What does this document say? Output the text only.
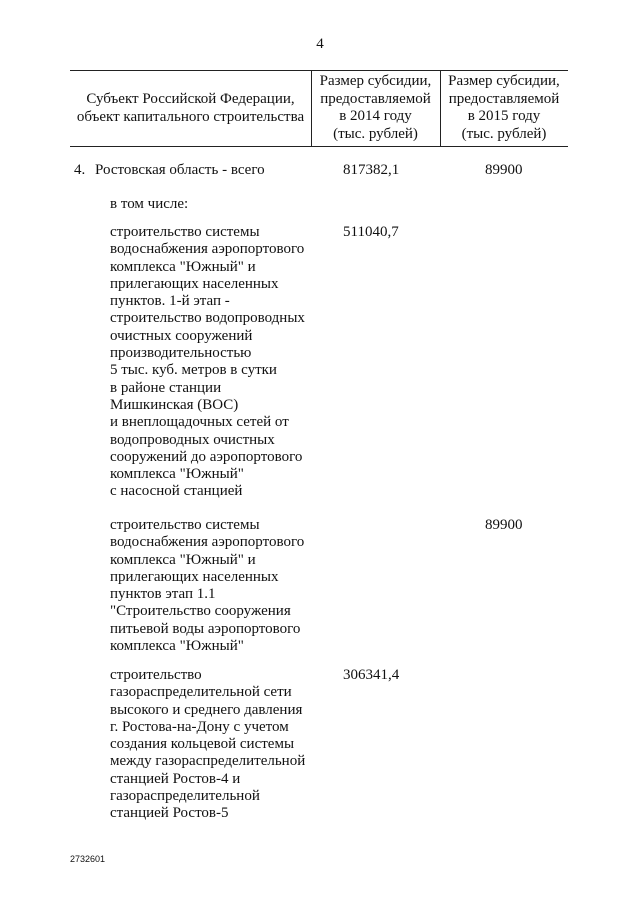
4
Субъект Российской Федерации,
объект капитального строительства
Размер субсидии,
предоставляемой
в 2014 году
(тыс. рублей)
Размер субсидии,
предоставляемой
в 2015 году
(тыс. рублей)
4. Ростовская область - всего	817382,1	89900
в том числе:
строительство системы
водоснабжения аэропортового
комплекса "Южный" и
прилегающих населенных
пунктов. 1-й этап -
строительство водопроводных
очистных сооружений
производительностью
5 тыс. куб. метров в сутки
в районе станции
Мишкинская (ВОС)
и внеплощадочных сетей от
водопроводных очистных
сооружений до аэропортового
комплекса "Южный"
с насосной станцией
511040,7
строительство системы
водоснабжения аэропортового
комплекса "Южный" и
прилегающих населенных
пунктов этап 1.1
"Строительство сооружения
питьевой воды аэропортового
комплекса "Южный"
89900
строительство
газораспределительной сети
высокого и среднего давления
г. Ростова-на-Дону с учетом
создания кольцевой системы
между газораспределительной
станцией Ростов-4 и
газораспределительной
станцией Ростов-5
306341,4
2732601
